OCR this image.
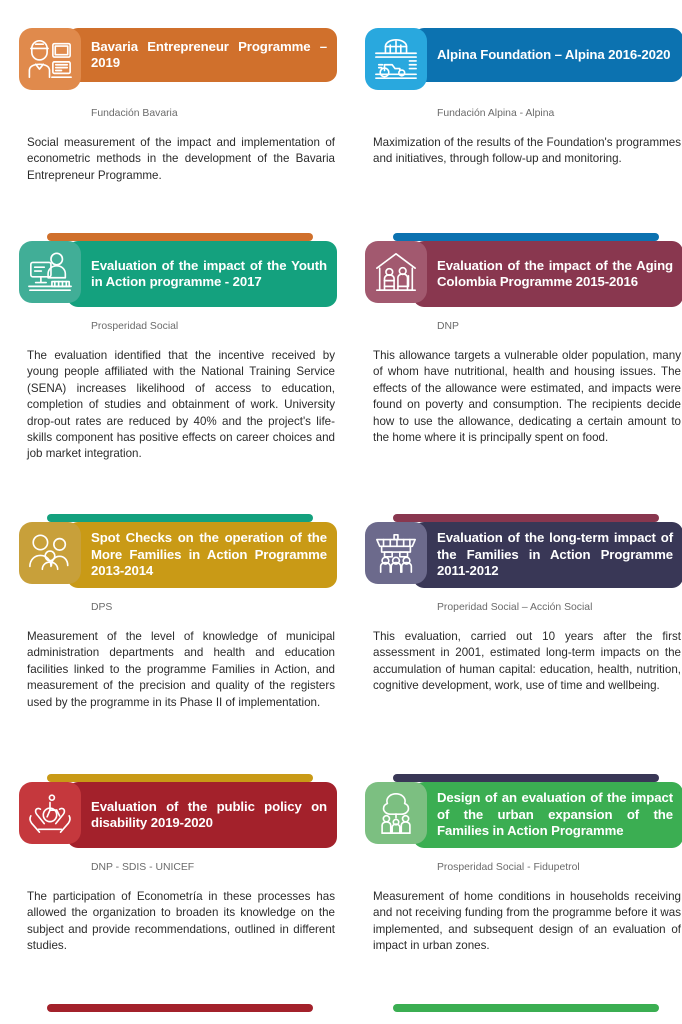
Bavaria Entrepreneur Programme – 2019
Fundación Bavaria
Social measurement of the impact and implementation of econometric methods in the development of the Bavaria Entrepreneur Programme.
Alpina Foundation – Alpina 2016-2020
Fundación Alpina - Alpina
Maximization of the results of the Foundation's programmes and initiatives, through follow-up and monitoring.
Evaluation of the impact of the Youth in Action programme - 2017
Prosperidad Social
The evaluation identified that the incentive received by young people affiliated with the National Training Service (SENA) increases likelihood of access to education, completion of studies and obtainment of work. University drop-out rates are reduced by 40% and the project's life-skills component has positive effects on career choices and job market integration.
Evaluation of the impact of the Aging Colombia Programme 2015-2016
DNP
This allowance targets a vulnerable older population, many of whom have nutritional, health and housing issues. The effects of the allowance were estimated, and impacts were found on poverty and consumption. The recipients decide how to use the allowance, dedicating a certain amount to the home where it is principally spent on food.
Spot Checks on the operation of the More Families in Action Programme 2013-2014
DPS
Measurement of the level of knowledge of municipal administration departments and health and education facilities linked to the programme Families in Action, and measurement of the precision and quality of the registers used by the programme in its Phase II of implementation.
Evaluation of the long-term impact of the Families in Action Programme 2011-2012
Properidad Social – Acción Social
This evaluation, carried out 10 years after the first assessment in 2001, estimated long-term impacts on the accumulation of human capital: education, health, nutrition, cognitive development, work, use of time and wellbeing.
Evaluation of the public policy on disability 2019-2020
DNP - SDIS - UNICEF
The participation of Econometría in these processes has allowed the organization to broaden its knowledge on the subject and provide recommendations, outlined in different studies.
Design of an evaluation of the impact of the urban expansion of the Families in Action Programme
Prosperidad Social - Fidupetrol
Measurement of home conditions in households receiving and not receiving funding from the programme before it was implemented, and subsequent design of an evaluation of impact in urban zones.
